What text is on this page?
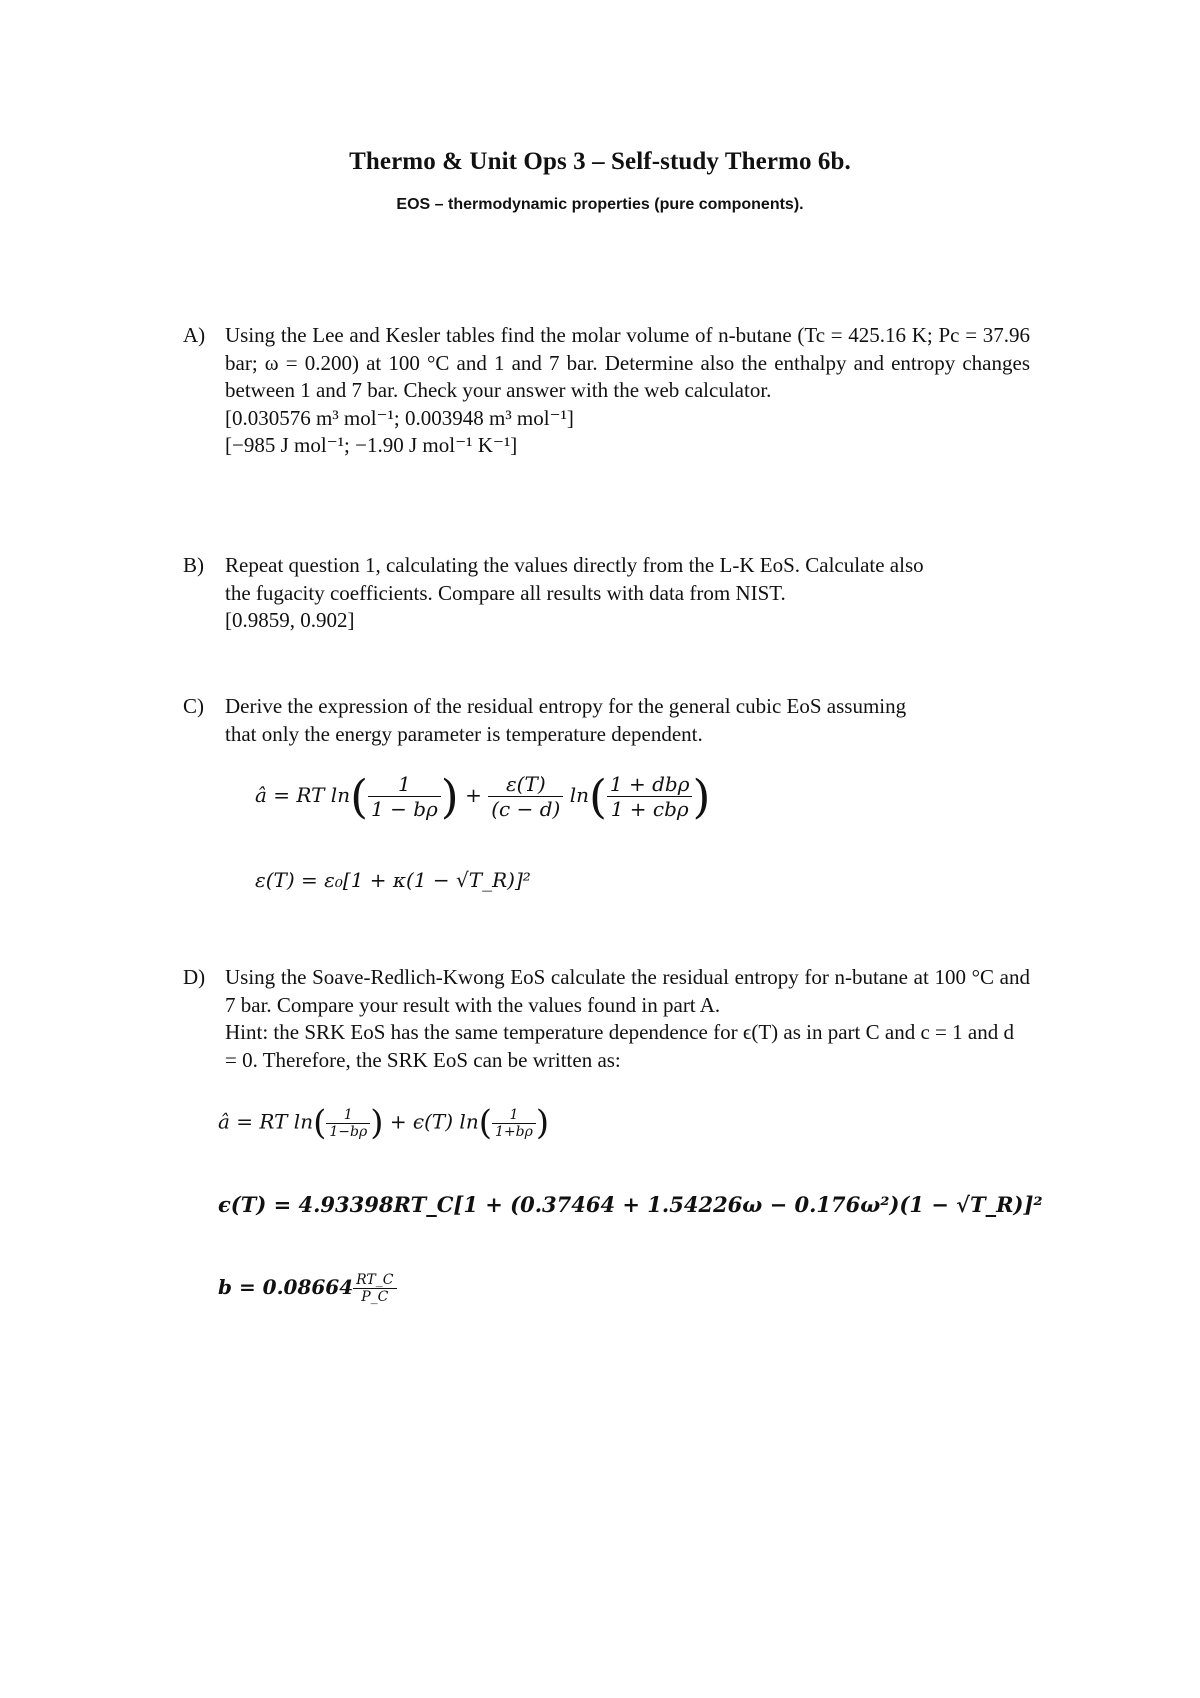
Thermo & Unit Ops 3 – Self-study Thermo 6b.
EOS – thermodynamic properties (pure components).
A) Using the Lee and Kesler tables find the molar volume of n-butane (Tc = 425.16 K; Pc = 37.96 bar; ω = 0.200) at 100 °C and 1 and 7 bar. Determine also the enthalpy and entropy changes between 1 and 7 bar. Check your answer with the web calculator.
[0.030576 m³ mol⁻¹; 0.003948 m³ mol⁻¹]
[−985 J mol⁻¹; −1.90 J mol⁻¹ K⁻¹]
B)	Repeat question 1, calculating the values directly from the L-K EoS. Calculate also
the fugacity coefficients. Compare all results with data from NIST.
[0.9859, 0.902]
C)	Derive the expression of the residual entropy for the general cubic EoS assuming
that only the energy parameter is temperature dependent.
â = RT $\ln( \frac{1}{1 - b\rho}$ ) + $\frac{\varepsilon(T)}{(c - d)} \ln( \frac{\text{1 + dbρ}}{\text{1 + cbρ}}$ )
ε(T) = ε₀[1 + κ(1 − √T_R)]²
D) Using the Soave-Redlich-Kwong EoS calculate the residual entropy for n-butane at 100 °C and 7 bar. Compare your result with the values found in part A.
Hint: the SRK EoS has the same temperature dependence for ϵ(T) as in part C and c = 1 and d = 0. Therefore, the SRK EoS can be written as:
â = RT $\ln( \frac{1}{1-b\rho}$ ) + ϵ(T) $\ln( \frac{1}{1+b\rho}$ )
ϵ(T) = 4.93398RT_C[1 + (0.37464 + 1.54226ω − 0.176ω²)(1 − √T_R)]²
$b = 0.08664 \frac{RT\_C}{P\_C}$
